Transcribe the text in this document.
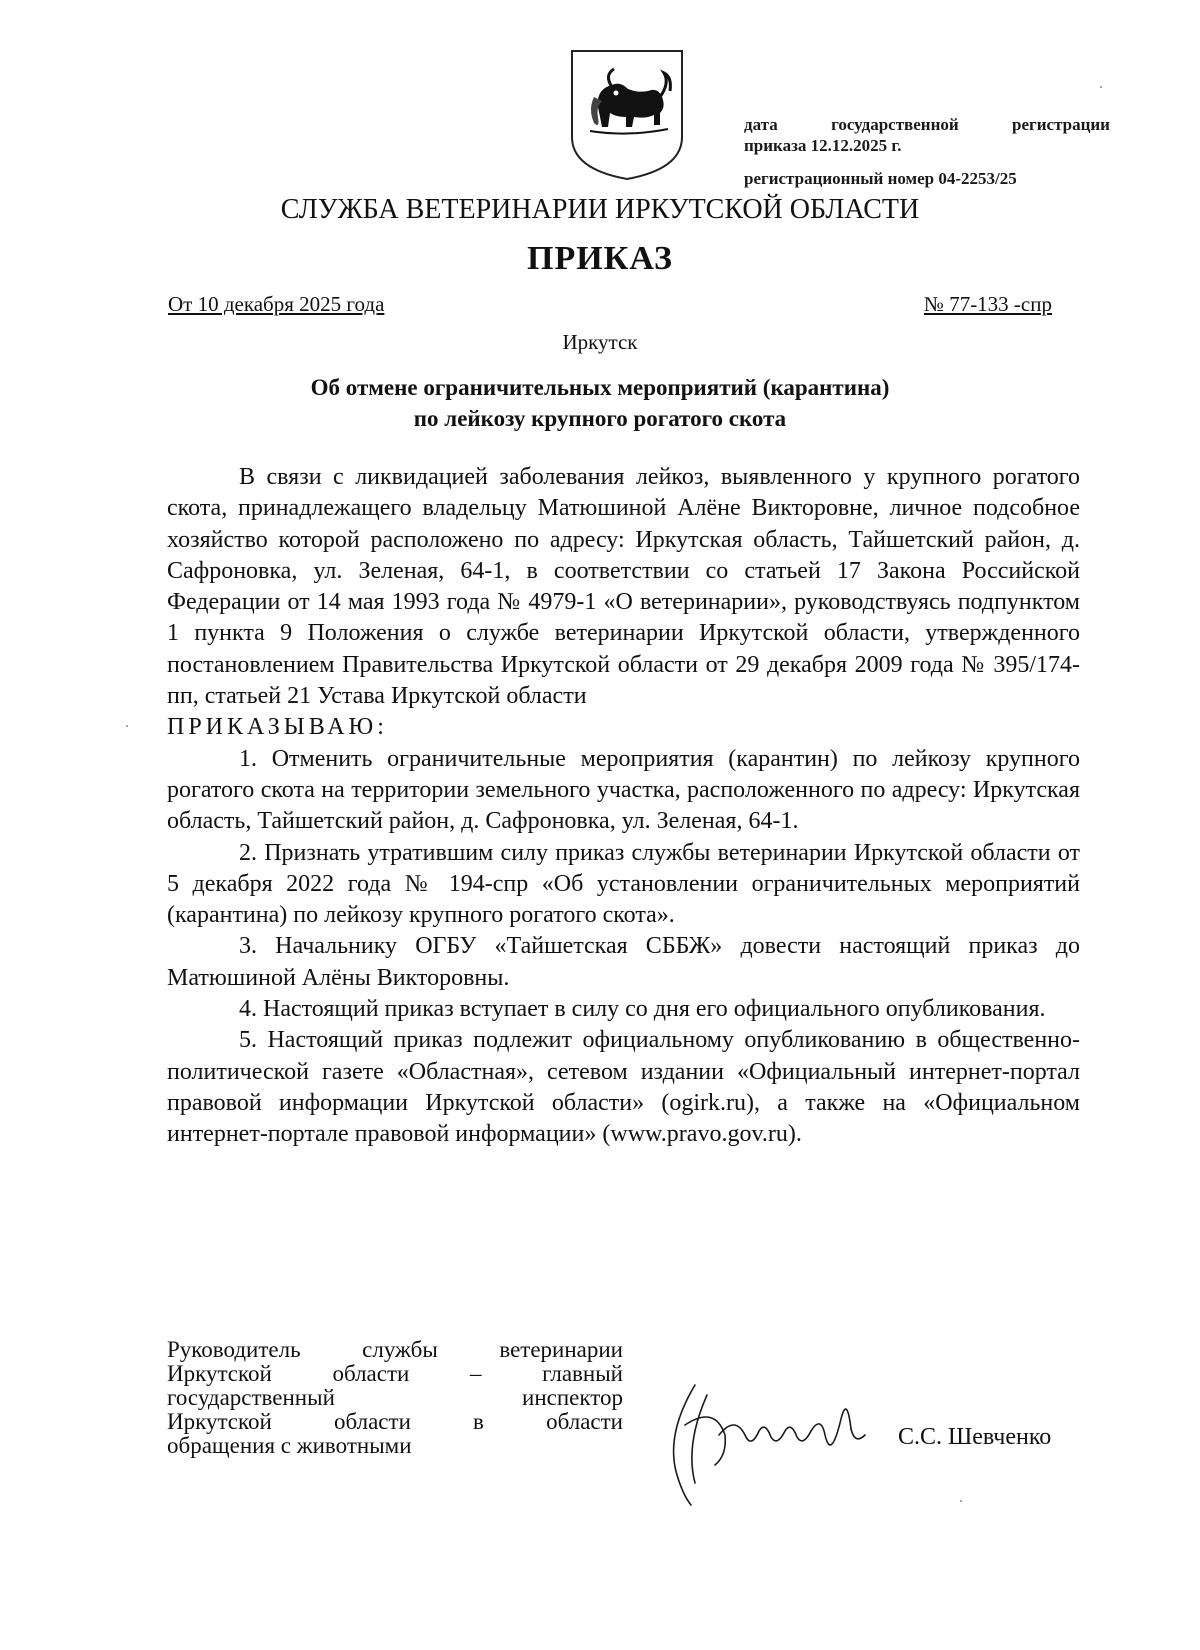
дата	государственной	регистрации
приказа 12.12.2025 г.
регистрационный номер 04-2253/25
СЛУЖБА ВЕТЕРИНАРИИ ИРКУТСКОЙ ОБЛАСТИ
ПРИКАЗ
От 10 декабря 2025 года	№ 77-133 -спр
Иркутск
Об отмене ограничительных мероприятий (карантина)
по лейкозу крупного рогатого скота

В связи с ликвидацией заболевания лейкоз, выявленного у крупного рогатого скота, принадлежащего владельцу Матюшиной Алёне Викторовне, личное подсобное хозяйство которой расположено по адресу: Иркутская область, Тайшетский район, д. Сафроновка, ул. Зеленая, 64-1, в соответствии со статьей 17 Закона Российской Федерации от 14 мая 1993 года № 4979-1 «О ветеринарии», руководствуясь подпунктом 1 пункта 9 Положения о службе ветеринарии Иркутской области, утвержденного постановлением Правительства Иркутской области от 29 декабря 2009 года № 395/174-пп, статьей 21 Устава Иркутской области

ПРИКАЗЫВАЮ:

1. Отменить ограничительные мероприятия (карантин) по лейкозу крупного рогатого скота на территории земельного участка, расположенного по адресу: Иркутская область, Тайшетский район, д. Сафроновка, ул. Зеленая, 64-1.

2. Признать утратившим силу приказ службы ветеринарии Иркутской области от 5 декабря 2022 года № 194-спр «Об установлении ограничительных мероприятий (карантина) по лейкозу крупного рогатого скота».

3. Начальнику ОГБУ «Тайшетская СББЖ» довести настоящий приказ до Матюшиной Алёны Викторовны.

4. Настоящий приказ вступает в силу со дня его официального опубликования.

5. Настоящий приказ подлежит официальному опубликованию в общественно-политической газете «Областная», сетевом издании «Официальный интернет-портал правовой информации Иркутской области» (ogirk.ru), а также на «Официальном интернет-портале правовой информации» (www.pravo.gov.ru).

Руководитель службы ветеринарии
Иркутской области – главный
государственный инспектор
Иркутской области в области
обращения с животными	С.С. Шевченко
